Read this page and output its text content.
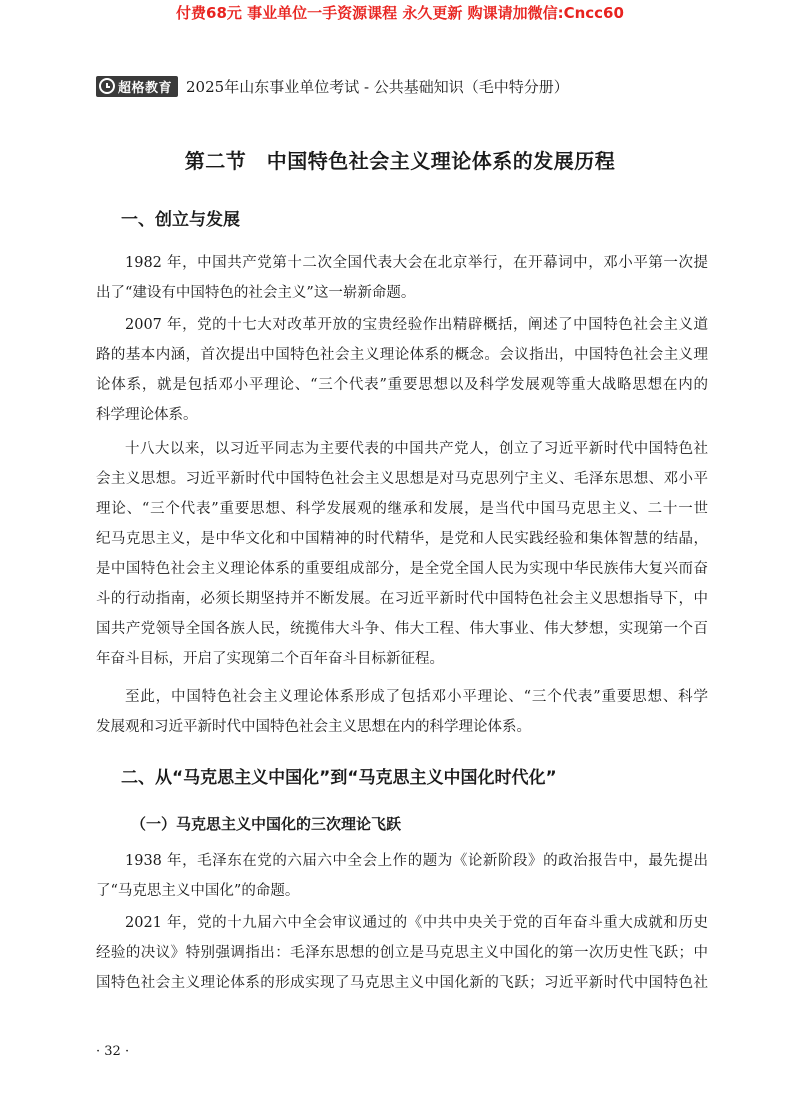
付费68元 事业单位一手资源课程 永久更新 购课请加微信:Cncc60
超格教育 2025年山东事业单位考试 - 公共基础知识（毛中特分册）
第二节　中国特色社会主义理论体系的发展历程
一、创立与发展
1982 年，中国共产党第十二次全国代表大会在北京举行，在开幕词中，邓小平第一次提
出了“建设有中国特色的社会主义”这一崭新命题。
2007 年，党的十七大对改革开放的宝贵经验作出精辟概括，阐述了中国特色社会主义道
路的基本内涵，首次提出中国特色社会主义理论体系的概念。会议指出，中国特色社会主义理
论体系，就是包括邓小平理论、“三个代表”重要思想以及科学发展观等重大战略思想在内的
科学理论体系。
十八大以来，以习近平同志为主要代表的中国共产党人，创立了习近平新时代中国特色社
会主义思想。习近平新时代中国特色社会主义思想是对马克思列宁主义、毛泽东思想、邓小平
理论、“三个代表”重要思想、科学发展观的继承和发展，是当代中国马克思主义、二十一世
纪马克思主义，是中华文化和中国精神的时代精华，是党和人民实践经验和集体智慧的结晶，
是中国特色社会主义理论体系的重要组成部分，是全党全国人民为实现中华民族伟大复兴而奋
斗的行动指南，必须长期坚持并不断发展。在习近平新时代中国特色社会主义思想指导下，中
国共产党领导全国各族人民，统揽伟大斗争、伟大工程、伟大事业、伟大梦想，实现第一个百
年奋斗目标，开启了实现第二个百年奋斗目标新征程。
至此，中国特色社会主义理论体系形成了包括邓小平理论、“三个代表”重要思想、科学
发展观和习近平新时代中国特色社会主义思想在内的科学理论体系。
二、从“马克思主义中国化”到“马克思主义中国化时代化”
（一）马克思主义中国化的三次理论飞跃
1938 年，毛泽东在党的六届六中全会上作的题为《论新阶段》的政治报告中，最先提出
了“马克思主义中国化”的命题。
2021 年，党的十九届六中全会审议通过的《中共中央关于党的百年奋斗重大成就和历史
经验的决议》特别强调指出：毛泽东思想的创立是马克思主义中国化的第一次历史性飞跃；中
国特色社会主义理论体系的形成实现了马克思主义中国化新的飞跃；习近平新时代中国特色社
· 32 ·
